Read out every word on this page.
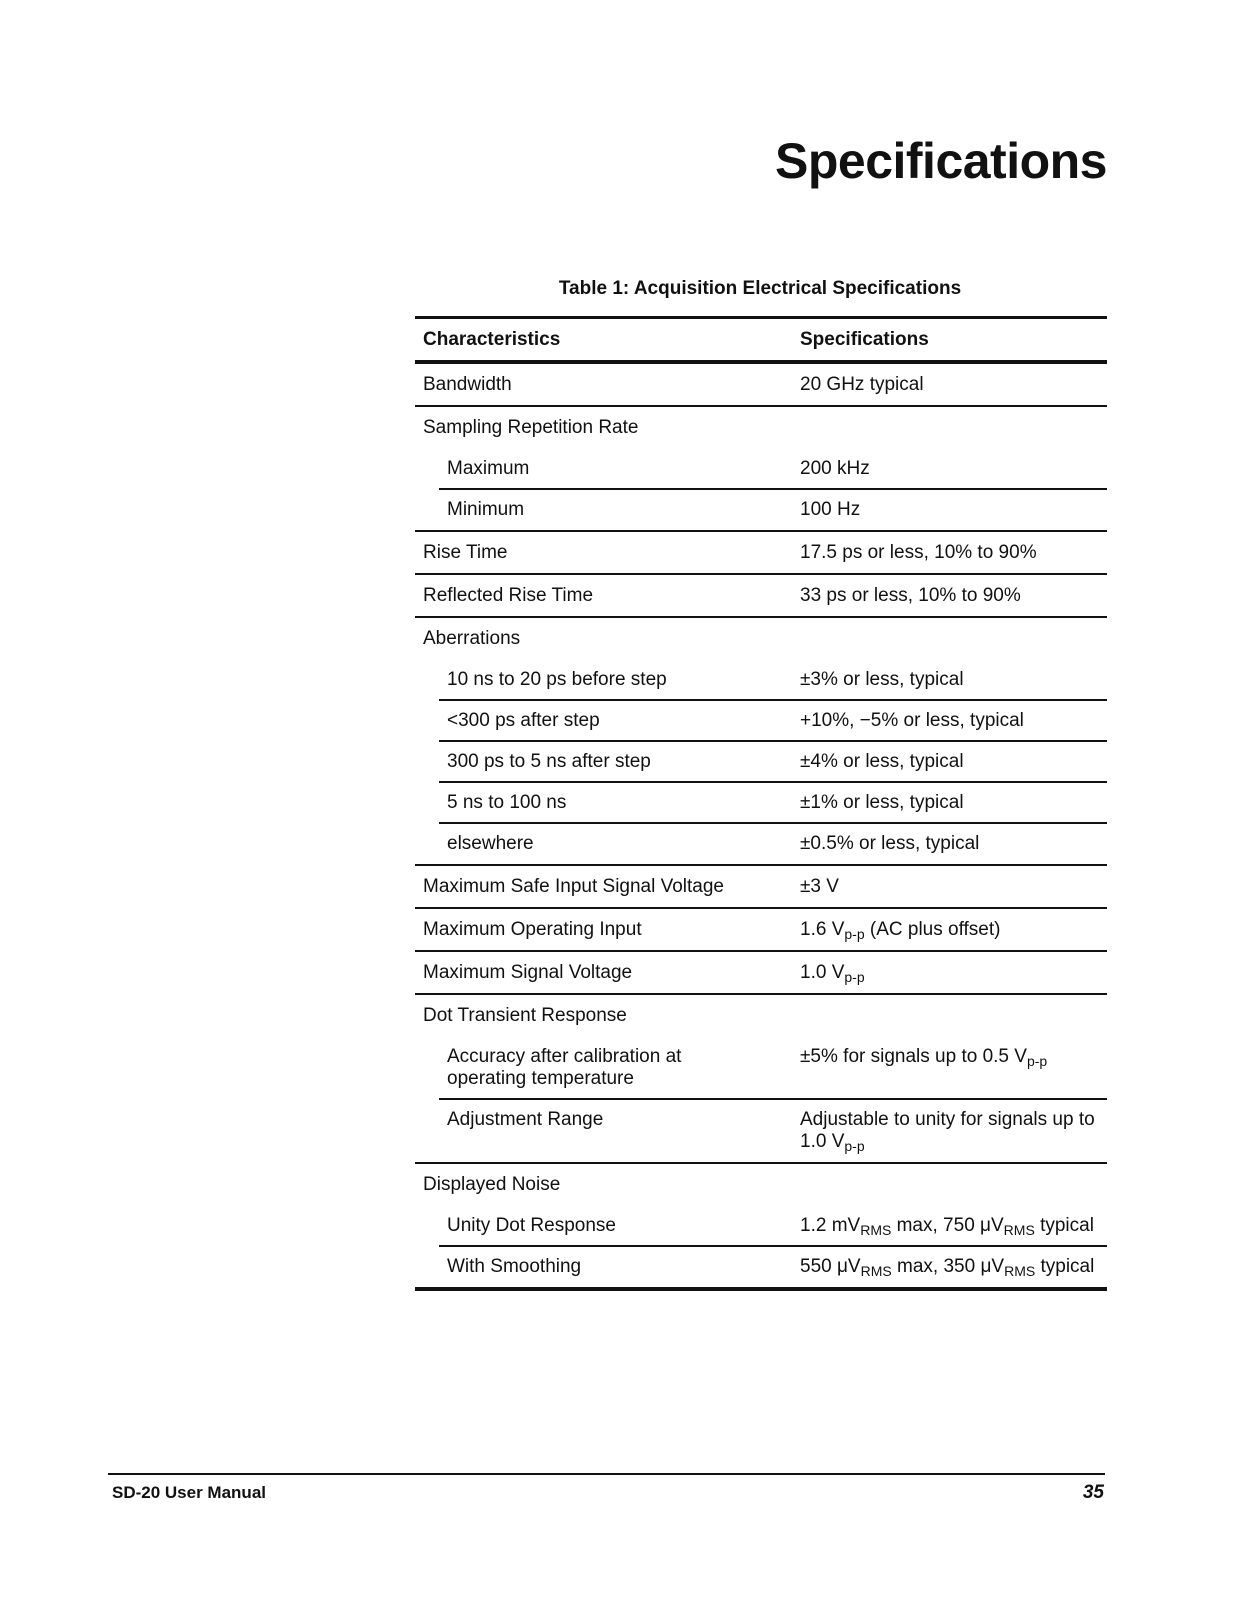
Specifications
Table 1: Acquisition Electrical Specifications
Characteristics	Specifications
Bandwidth	20 GHz typical
Sampling Repetition Rate	
Maximum	200 kHz
Minimum	100 Hz
Rise Time	17.5 ps or less, 10% to 90%
Reflected Rise Time	33 ps or less, 10% to 90%
Aberrations	
10 ns to 20 ps before step	±3% or less, typical
<300 ps after step	+10%, −5% or less, typical
300 ps to 5 ns after step	±4% or less, typical
5 ns to 100 ns	±1% or less, typical
elsewhere	±0.5% or less, typical
Maximum Safe Input Signal Voltage	±3 V
Maximum Operating Input	1.6 $V_{p-p}$ (AC plus offset)
Maximum Signal Voltage	1.0 $V_{p-p}$
Dot Transient Response	
Accuracy after calibration at
operating temperature	±5% for signals up to 0.5 $V_{p-p}$
Adjustment Range	Adjustable to unity for signals up to
1.0 $V_{p-p}$
Displayed Noise	
Unity Dot Response	1.2 $mV_{RMS}$ max, 750 $\mu V_{RMS}$ typical
With Smoothing	550 $\mu V_{RMS}$ max, 350 $\mu V_{RMS}$ typical
SD-20 User Manual	35
